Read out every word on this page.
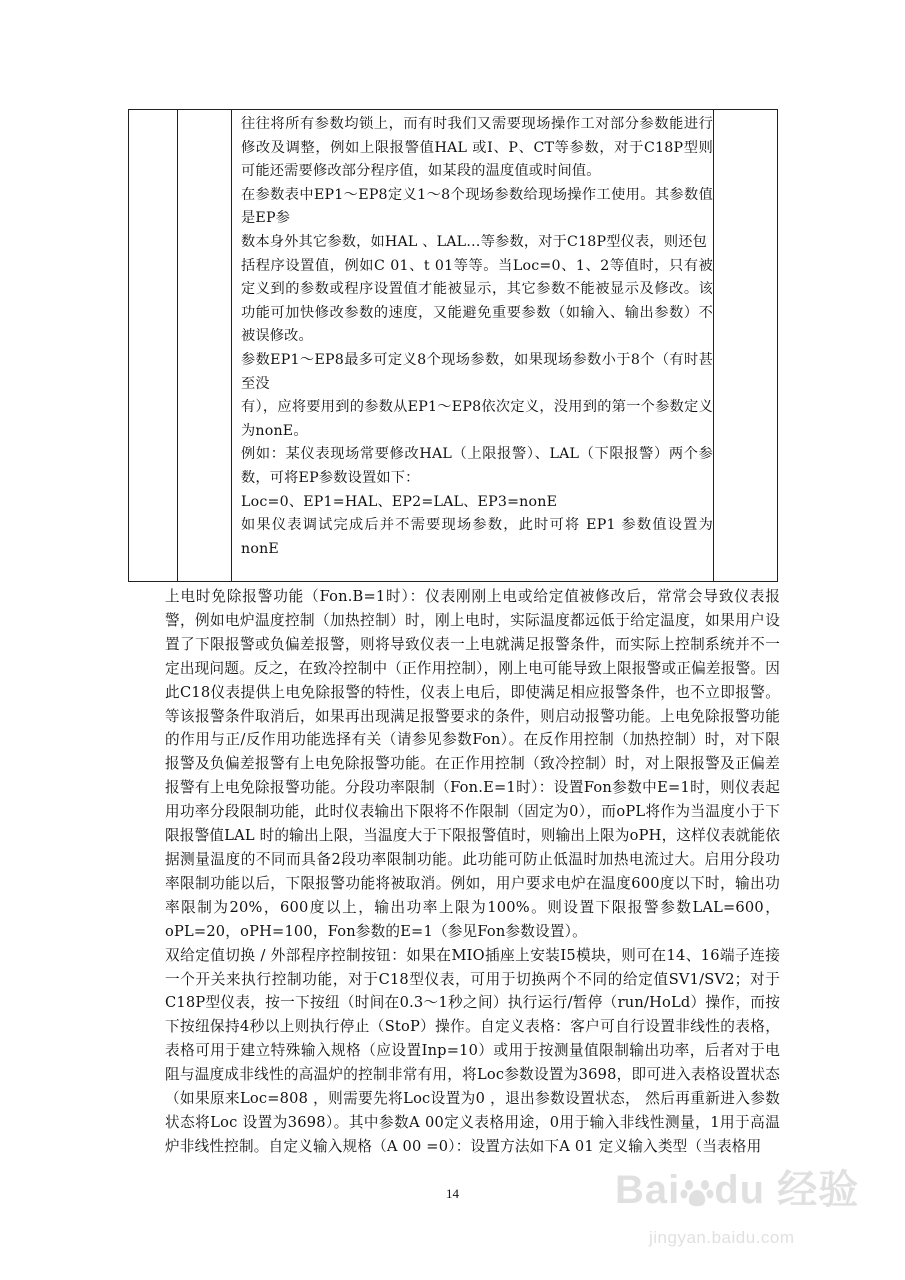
往往将所有参数均锁上，而有时我们又需要现场操作工对部分参数能进行修改及调整，例如上限报警值HAL 或I、P、CT等参数，对于C18P型则可能还需要修改部分程序值，如某段的温度值或时间值。

在参数表中EP1～EP8定义1～8个现场参数给现场操作工使用。其参数值是EP参

数本身外其它参数，如HAL 、LAL…等参数，对于C18P型仪表，则还包

括程序设置值，例如C 01、t 01等等。当Loc=0、1、2等值时，只有被定义到的参数或程序设置值才能被显示，其它参数不能被显示及修改。该功能可加快修改参数的速度，又能避免重要参数（如输入、输出参数）不被误修改。

参数EP1～EP8最多可定义8个现场参数，如果现场参数小于8个（有时甚至没

有），应将要用到的参数从EP1～EP8依次定义，没用到的第一个参数定义为nonE。

例如：某仪表现场常要修改HAL（上限报警）、LAL（下限报警）两个参数，可将EP参数设置如下：

Loc=0、EP1=HAL、EP2=LAL、EP3=nonE

如果仪表调试完成后并不需要现场参数，此时可将 EP1 参数值设置为 nonE

上电时免除报警功能（Fon.B=1时）：仪表刚刚上电或给定值被修改后，常常会导致仪表报警，例如电炉温度控制（加热控制）时，刚上电时，实际温度都远低于给定温度，如果用户设置了下限报警或负偏差报警，则将导致仪表一上电就满足报警条件，而实际上控制系统并不一定出现问题。反之，在致冷控制中（正作用控制），刚上电可能导致上限报警或正偏差报警。因此C18仪表提供上电免除报警的特性，仪表上电后，即使满足相应报警条件，也不立即报警。等该报警条件取消后，如果再出现满足报警要求的条件，则启动报警功能。上电免除报警功能的作用与正/反作用功能选择有关（请参见参数Fon）。在反作用控制（加热控制）时，对下限报警及负偏差报警有上电免除报警功能。在正作用控制（致冷控制）时，对上限报警及正偏差报警有上电免除报警功能。分段功率限制（Fon.E=1时）：设置Fon参数中E=1时，则仪表起用功率分段限制功能，此时仪表输出下限将不作限制（固定为0），而oPL将作为当温度小于下限报警值LAL 时的输出上限，当温度大于下限报警值时，则输出上限为oPH，这样仪表就能依据测量温度的不同而具备2段功率限制功能。此功能可防止低温时加热电流过大。启用分段功率限制功能以后，下限报警功能将被取消。例如，用户要求电炉在温度600度以下时，输出功率限制为20%，600度以上，输出功率上限为100%。则设置下限报警参数LAL=600，oPL=20，oPH=100，Fon参数的E=1（参见Fon参数设置）。

双给定值切换 / 外部程序控制按钮：如果在MIO插座上安装I5模块，则可在14、16端子连接一个开关来执行控制功能，对于C18型仪表，可用于切换两个不同的给定值SV1/SV2；对于C18P型仪表，按一下按纽（时间在0.3～1秒之间）执行运行/暂停（run/HoLd）操作，而按下按纽保持4秒以上则执行停止（StoP）操作。自定义表格：客户可自行设置非线性的表格，表格可用于建立特殊输入规格（应设置Inp=10）或用于按测量值限制输出功率，后者对于电阻与温度成非线性的高温炉的控制非常有用，将Loc参数设置为3698，即可进入表格设置状态（如果原来Loc=808 ，则需要先将Loc设置为0 ，退出参数设置状态， 然后再重新进入参数状态将Loc 设置为3698）。其中参数A 00定义表格用途，0用于输入非线性测量，1用于高温炉非线性控制。自定义输入规格（A 00 =0）：设置方法如下A 01 定义输入类型（当表格用

14	Bai du 经验
jingyan.baidu.com
